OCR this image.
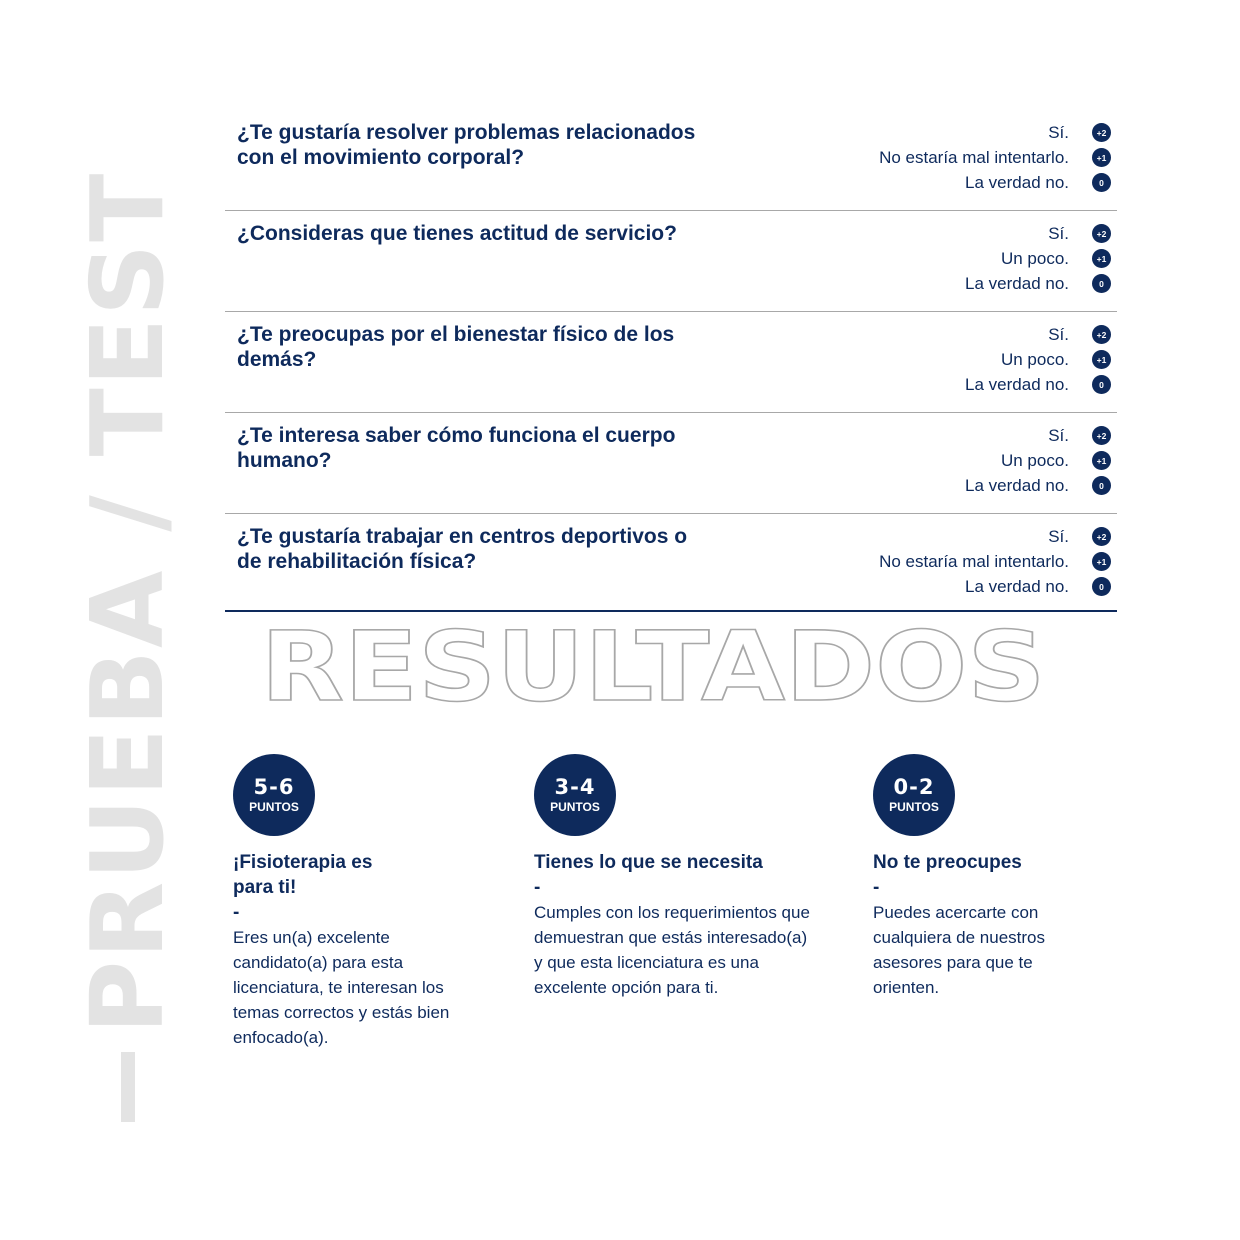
PRUEBA / TEST
¿Te gustaría resolver problemas relacionados con el movimiento corporal?
Sí.	+2
No estaría mal intentarlo.	+1
La verdad no.	0
¿Consideras que tienes actitud de servicio?	Sí.	+2
Un poco.	+1
La verdad no.	0
¿Te preocupas por el bienestar físico de los demás?
Sí.	+2
Un poco.	+1
La verdad no.	0
¿Te interesa saber cómo funciona el cuerpo humano?
Sí.	+2
Un poco.	+1
La verdad no.	0
¿Te gustaría trabajar en centros deportivos o de rehabilitación física?
Sí.	+2
No estaría mal intentarlo.	+1
La verdad no.	0
RESULTADOS
5-6
PUNTOS
¡Fisioterapia es para ti!
-
Eres un(a) excelente candidato(a) para esta licenciatura, te interesan los temas correctos y estás bien enfocado(a).
3-4
PUNTOS
Tienes lo que se necesita
-
Cumples con los requerimientos que demuestran que estás interesado(a) y que esta licenciatura es una excelente opción para ti.
0-2
PUNTOS
No te preocupes
-
Puedes acercarte con cualquiera de nuestros asesores para que te orienten.
